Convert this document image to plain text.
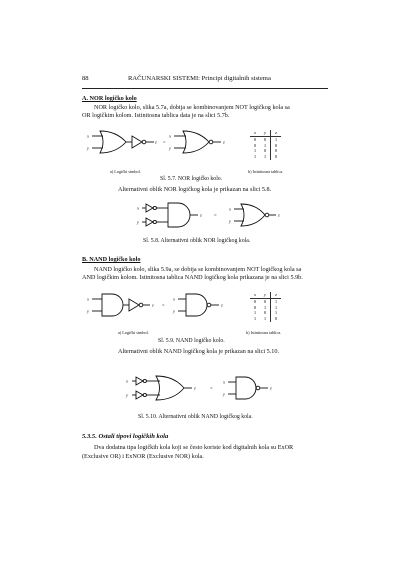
88	RAČUNARSKI SISTEMI: Principi digitalnih sistema
A. NOR logičko kolo
NOR logičko kolo, slika 5.7a, dobija se kombinovanjem NOT logičkog kola sa
OR logičkim kolom. Istinitosna tablica data je na slici 5.7b.
x
y
z =
x
y
z
x	y	z
0	0	1
0	1	0
1	0	0
1	1	0
a) Logički simbol.	b) Istinitosna tablica.
Sl. 5.7. NOR logičko kolo.
Alternativni oblik NOR logičkog kola je prikazan na slici 5.8.
x
y
z	=
x
y
z
Sl. 5.8. Alternativni oblik NOR logičkog kola.
B. NAND logičko kolo
NAND logičko kolo, slika 5.9a, se dobija se kombinovanjem NOT logičkog kola sa
AND logičkim kolom. Istinitosna tablica NAND logičkog kola prikazana je na slici 5.9b.
x
y
z =
x
y
z
x	y	z
0	0	1
0	1	1
1	0	1
1	1	0
a) Logički simbol.	b) Istinitosna tablica.
Sl. 5.9. NAND logičko kolo.
Alternativni oblik NAND logičkog kola je prikazan na slici 5.10.
x
y
z	=
x
y
z
Sl. 5.10. Alternativni oblik NAND logičkog kola.
5.3.5. Ostali tipovi logičkih kola
Dva dodatna tipa logičkih kola koji se često koriste kod digitalnih kola su ExOR
(Exclusive OR) i ExNOR (Exclusive NOR) kola.
